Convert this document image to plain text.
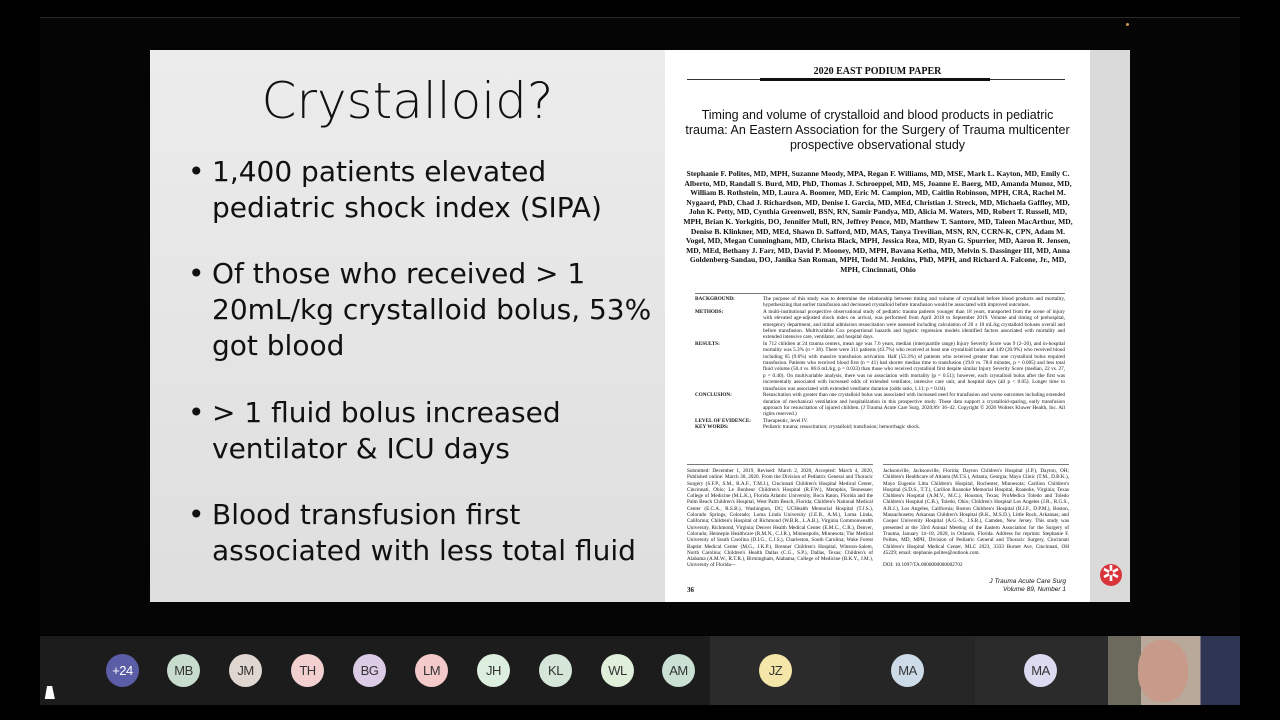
Crystalloid?
• 1,400 patients elevated pediatric shock index (SIPA)
• Of those who received > 1 20mL/kg crystalloid bolus, 53% got blood
• > 1 fluid bolus increased ventilator & ICU days
• Blood transfusion first associated with less total fluid
2020 EAST PODIUM PAPER
Timing and volume of crystalloid and blood products in pediatric trauma: An Eastern Association for the Surgery of Trauma multicenter prospective observational study
Stephanie F. Polites, MD, MPH, Suzanne Moody, MPA, Regan F. Williams, MD, MSE, Mark L. Kayton, MD, Emily C. Alberto, MD, Randall S. Burd, MD, PhD, Thomas J. Schroeppel, MD, MS, Joanne E. Baerg, MD, Amanda Munoz, MD, William B. Rothstein, MD, Laura A. Boomer, MD, Eric M. Campion, MD, Caitlin Robinson, MPH, CRA, Rachel M. Nygaard, PhD, Chad J. Richardson, MD, Denise I. Garcia, MD, MEd, Christian J. Streck, MD, Michaela Gaffley, MD, John K. Petty, MD, Cynthia Greenwell, BSN, RN, Samir Pandya, MD, Alicia M. Waters, MD, Robert T. Russell, MD, MPH, Brian K. Yorkgitis, DO, Jennifer Mull, RN, Jeffrey Pence, MD, Matthew T. Santore, MD, Taleen MacArthur, MD, Denise B. Klinkner, MD, MEd, Shawn D. Safford, MD, MAS, Tanya Trevilian, MSN, RN, CCRN-K, CPN, Adam M. Vogel, MD, Megan Cunningham, MD, Christa Black, MPH, Jessica Rea, MD, Ryan G. Spurrier, MD, Aaron R. Jensen, MD, MEd, Bethany J. Farr, MD, David P. Mooney, MD, MPH, Bavana Ketha, MD, Melvin S. Dassinger III, MD, Anna Goldenberg-Sandau, DO, Janika San Roman, MPH, Todd M. Jenkins, PhD, MPH, and Richard A. Falcone, Jr., MD, MPH, Cincinnati, Ohio
BACKGROUND:	The purpose of this study was to determine the relationship between timing and volume of crystalloid before blood products and mortality, hypothesizing that earlier transfusion and decreased crystalloid before transfusion would be associated with improved outcomes.
METHODS:	A multi-institutional prospective observational study of pediatric trauma patients younger than 18 years, transported from the scene of injury with elevated age-adjusted shock index on arrival, was performed from April 2018 to September 2019. Volume and timing of prehospital, emergency department, and initial admission resuscitation were assessed including calculation of 20 ± 10 mL/kg crystalloid boluses overall and before transfusion. Multivariable Cox proportional hazards and logistic regression models identified factors associated with mortality and extended intensive care, ventilator, and hospital days.
RESULTS:	In 712 children at 24 trauma centers, mean age was 7.6 years, median (interquartile range) Injury Severity Score was 9 (2–20), and in-hospital mortality was 5.3% (n = 38). There were 311 patients (43.7%) who received at least one crystalloid bolus and 149 (20.9%) who received blood including 65 (9.6%) with massive transfusion activation. Half (53.3%) of patients who received greater than one crystalloid bolus required transfusion. Patients who received blood first (n = 41) had shorter median time to transfusion (19.8 vs. 78.0 minutes, p = 0.005) and less total fluid volume (50.4 vs. 86.6 mL/kg, p = 0.033) than those who received crystalloid first despite similar Injury Severity Score (median, 22 vs. 27, p = 0.40). On multivariable analysis, there was no association with mortality (p = 0.51); however, each crystalloid bolus after the first was incrementally associated with increased odds of extended ventilator, intensive care unit, and hospital days (all p < 0.05). Longer time to transfusion was associated with extended ventilator duration (odds ratio, 1.11; p = 0.04).
CONCLUSION:	Resuscitation with greater than one crystalloid bolus was associated with increased need for transfusion and worse outcomes including extended duration of mechanical ventilation and hospitalization in this prospective study. These data support a crystalloid-sparing, early transfusion approach for resuscitation of injured children. (J Trauma Acute Care Surg. 2020;89: 36–42. Copyright © 2020 Wolters Kluwer Health, Inc. All rights reserved.)
LEVEL OF EVIDENCE:	Therapeutic, level IV.
KEY WORDS:	Pediatric trauma; resuscitation; crystalloid; transfusion; hemorrhagic shock.
Submitted: December 1, 2019, Revised: March 2, 2020, Accepted: March 4, 2020, Published online: March 30, 2020. From the Division of Pediatric General and Thoracic Surgery (S.F.P., S.M., R.A.F., T.M.J.), Cincinnati Children's Hospital Medical Center, Cincinnati, Ohio; Le Bonheur Children's Hospital (R.F.W.), Memphis, Tennessee; College of Medicine (M.L.K.), Florida Atlantic University, Boca Raton, Florida and the Palm Beach Children's Hospital, West Palm Beach, Florida; Children's National Medical Center (E.C.A., R.S.B.), Washington, DC; UCHealth Memorial Hospital (T.J.S.), Colorado Springs, Colorado; Loma Linda University (J.E.B., A.M.), Loma Linda, California; Children's Hospital of Richmond (W.B.R., L.A.B.), Virginia Commonwealth University, Richmond, Virginia; Denver Health Medical Center (E.M.C., C.R.), Denver, Colorado; Hennepin Healthcare (R.M.N., C.J.R.), Minneapolis, Minnesota; The Medical University of South Carolina (D.I.G., C.J.S.), Charleston, South Carolina; Wake Forest Baptist Medical Center (M.G., J.K.P.), Brenner Children's Hospital, Winston-Salem, North Carolina; Children's Health Dallas (C.G., S.P.), Dallas, Texas; Children's of Alabama (A.M.W., R.T.R.), Birmingham, Alabama; College of Medicine (B.K.Y., J.M.), University of Florida—
Jacksonville, Jacksonville, Florida; Dayton Children's Hospital (J.P.), Dayton, OH; Children's Healthcare of Atlanta (M.T.S.), Atlanta, Georgia; Mayo Clinic (T.M., D.B.K.), Mayo Eugenio Litta Children's Hospital, Rochester, Minnesota; Carilion Children's Hospital (S.D.S., T.T.), Carilion Roanoke Memorial Hospital, Roanoke, Virginia; Texas Children's Hospital (A.M.V., M.C.), Houston, Texas; ProMedica Toledo and Toledo Children's Hospital (C.B.), Toledo, Ohio; Children's Hospital Los Angeles (J.R., R.G.S., A.R.J.), Los Angeles, California; Boston Children's Hospital (B.J.F., D.P.M.), Boston, Massachusetts; Arkansas Children's Hospital (B.K., M.S.D.), Little Rock, Arkansas; and Cooper University Hospital (A.G.-S., J.S.R.), Camden, New Jersey. This study was presented at the 33rd Annual Meeting of the Eastern Association for the Surgery of Trauma, January 14–18, 2020, in Orlando, Florida. Address for reprints: Stephanie F. Polites, MD, MPH, Division of Pediatric General and Thoracic Surgery, Cincinnati Children's Hospital Medical Center, MLC 2023, 3333 Burnet Ave, Cincinnati, OH 45229; email: stephanie.polites@outlook.com.

DOI: 10.1097/TA.0000000000002702
36
J Trauma Acute Care Surg
Volume 89, Number 1
✲
+24	MB	JM	TH	BG	LM	JH	KL	WL	AM	JZ	MA	MA
